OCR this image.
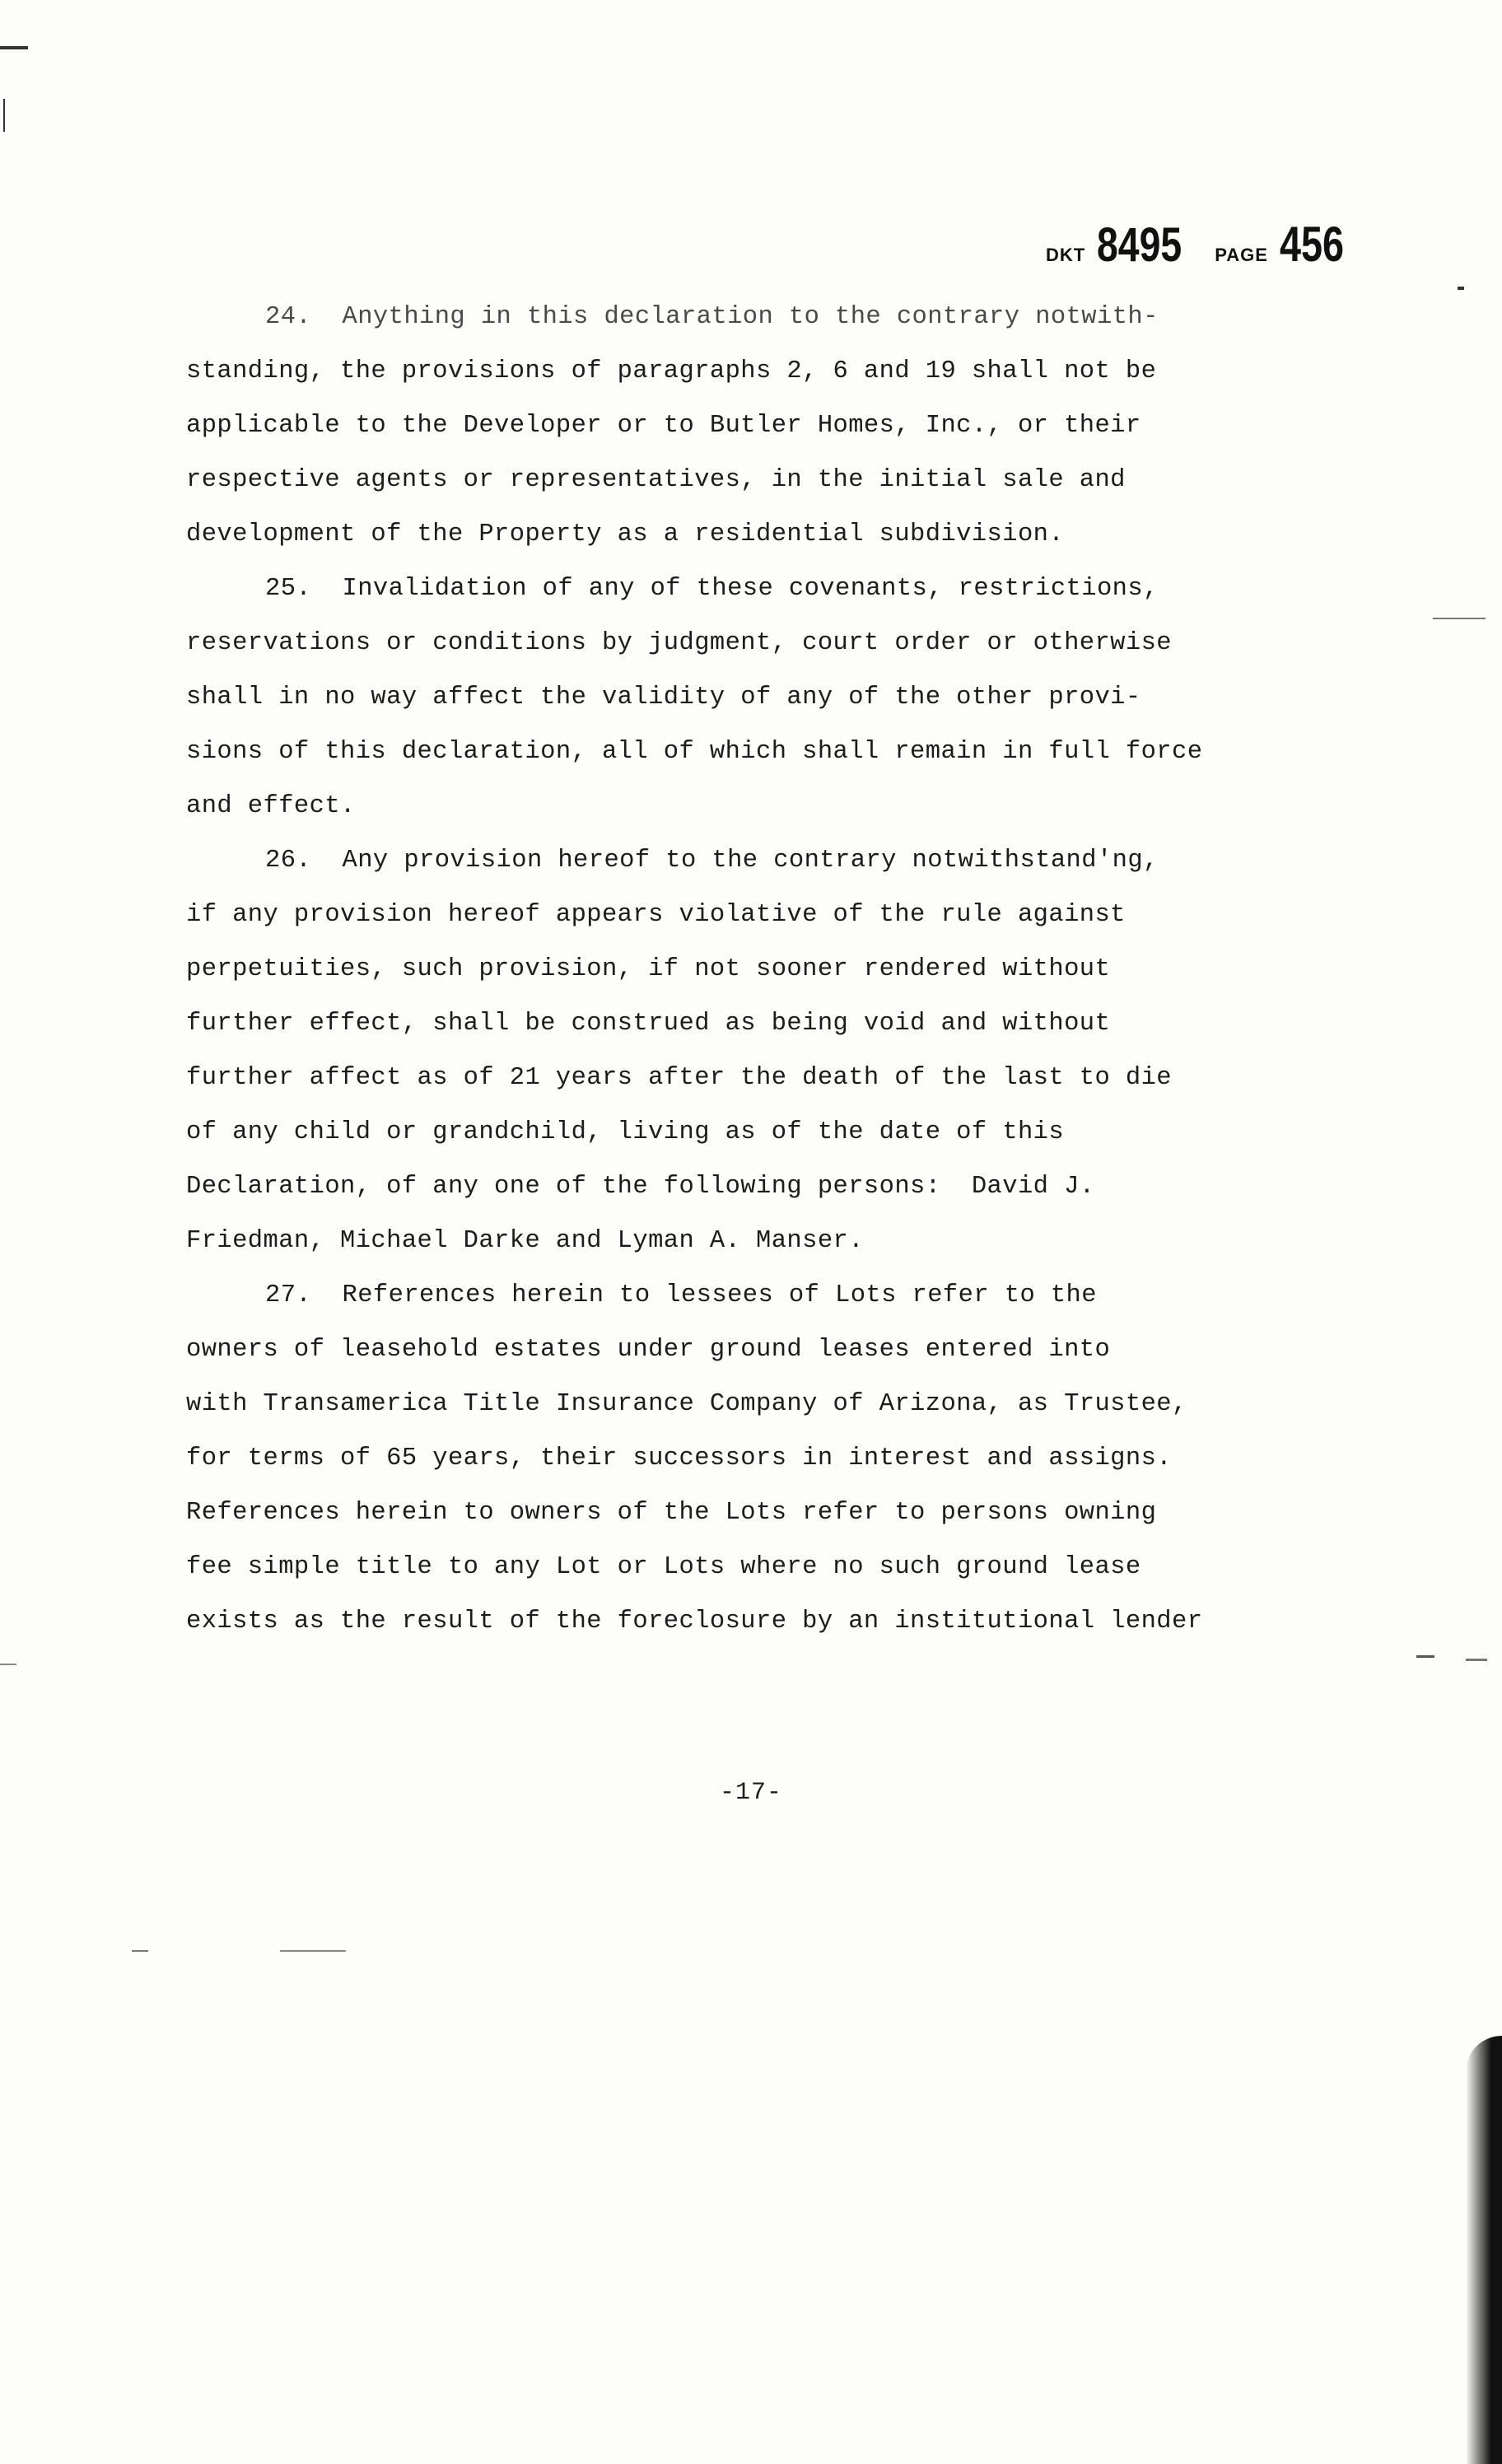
DKT 8495 PAGE 456
24.  Anything in this declaration to the contrary notwith-
standing, the provisions of paragraphs 2, 6 and 19 shall not be
applicable to the Developer or to Butler Homes, Inc., or their
respective agents or representatives, in the initial sale and
development of the Property as a residential subdivision.
25.  Invalidation of any of these covenants, restrictions,
reservations or conditions by judgment, court order or otherwise
shall in no way affect the validity of any of the other provi-
sions of this declaration, all of which shall remain in full force
and effect.
26.  Any provision hereof to the contrary notwithstand'ng,
if any provision hereof appears violative of the rule against
perpetuities, such provision, if not sooner rendered without
further effect, shall be construed as being void and without
further affect as of 21 years after the death of the last to die
of any child or grandchild, living as of the date of this
Declaration, of any one of the following persons:  David J.
Friedman, Michael Darke and Lyman A. Manser.
27.  References herein to lessees of Lots refer to the
owners of leasehold estates under ground leases entered into
with Transamerica Title Insurance Company of Arizona, as Trustee,
for terms of 65 years, their successors in interest and assigns.
References herein to owners of the Lots refer to persons owning
fee simple title to any Lot or Lots where no such ground lease
exists as the result of the foreclosure by an institutional lender
-17-
